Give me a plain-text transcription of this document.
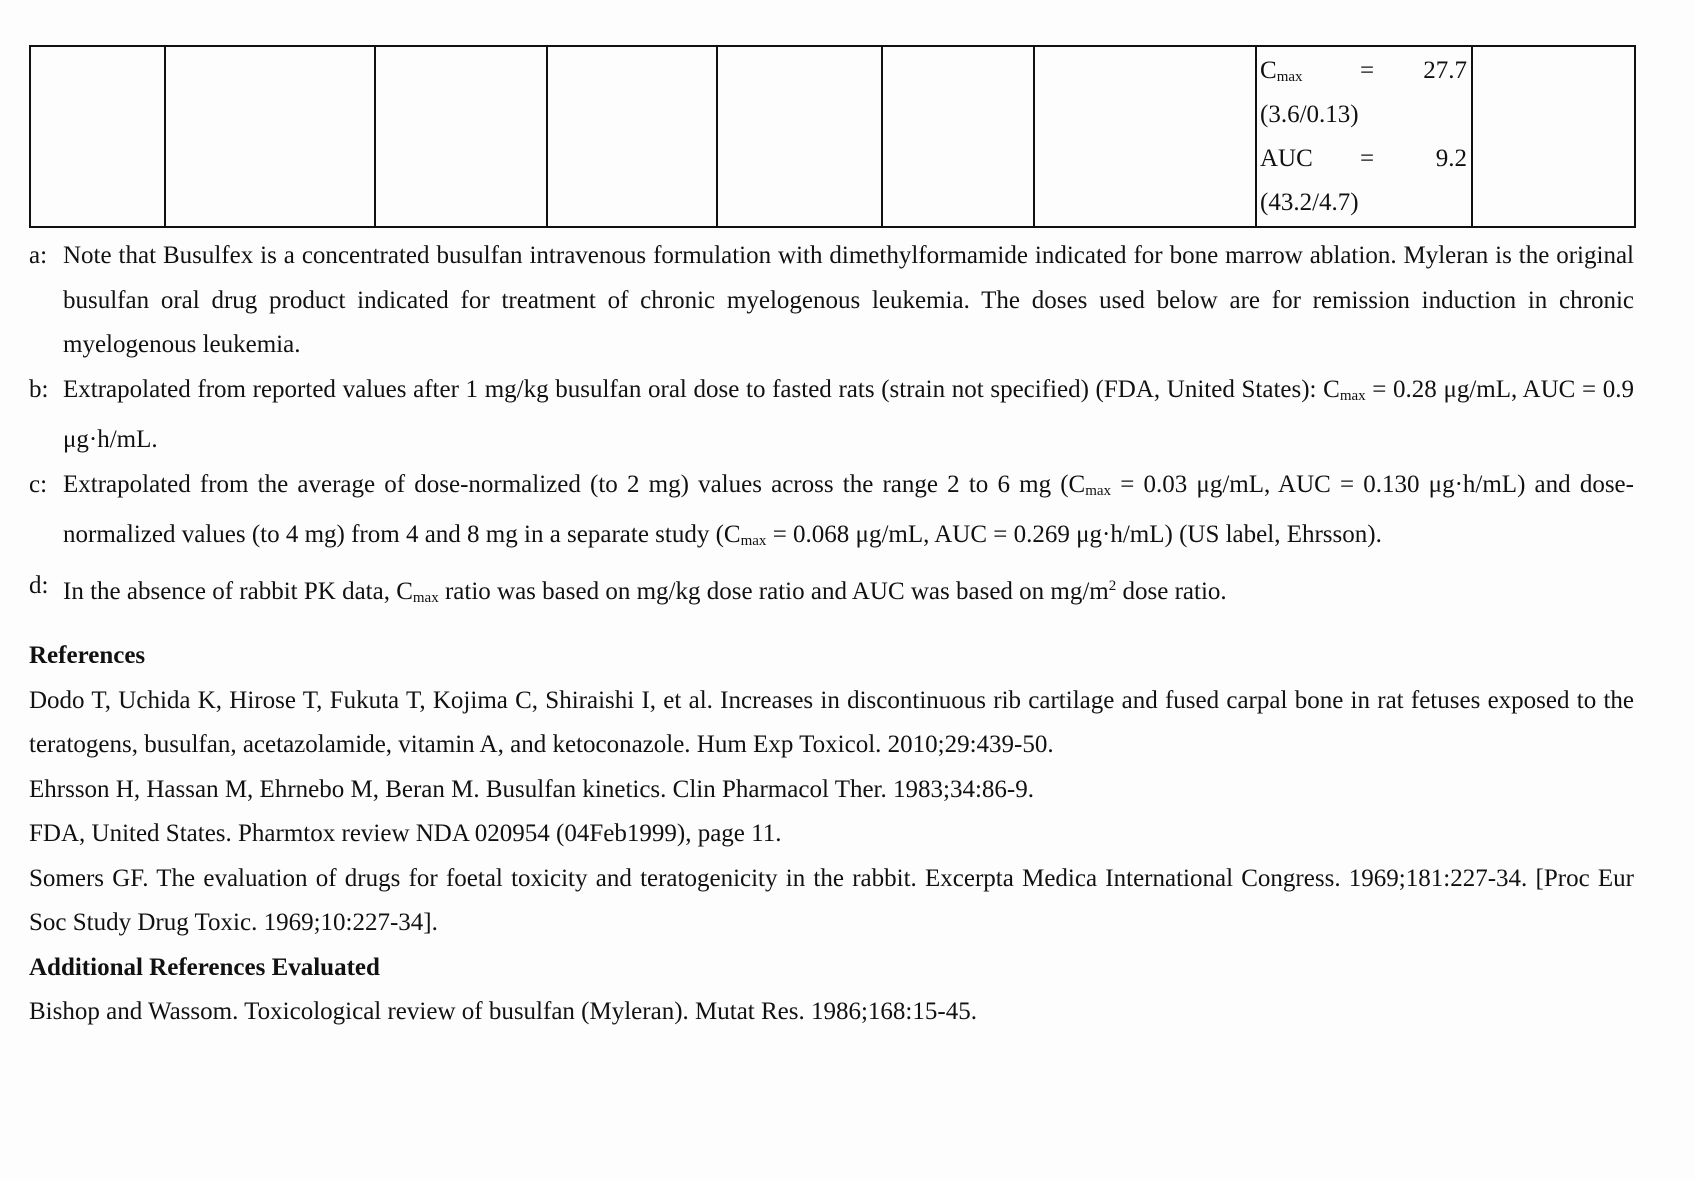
$C_{max} = 27.7$
(3.6/0.13)
AUC = 9.2
(43.2/4.7)

a: Note that Busulfex is a concentrated busulfan intravenous formulation with dimethylformamide indicated for bone marrow ablation. Myleran is the original busulfan oral drug product indicated for treatment of chronic myelogenous leukemia. The doses used below are for remission induction in chronic myelogenous leukemia.
b: Extrapolated from reported values after 1 mg/kg busulfan oral dose to fasted rats (strain not specified) (FDA, United States): $C_{max} = 0.28$ μg/mL, AUC = 0.9 μg·h/mL.
c: Extrapolated from the average of dose-normalized (to 2 mg) values across the range 2 to 6 mg ($C_{max} = 0.03$ μg/mL, AUC = 0.130 μg·h/mL) and dose-normalized values (to 4 mg) from 4 and 8 mg in a separate study ($C_{max} = 0.068$ μg/mL, AUC = 0.269 μg·h/mL) (US label, Ehrsson).
d: In the absence of rabbit PK data, $C_{max}$ ratio was based on mg/kg dose ratio and AUC was based on $mg/m^2$ dose ratio.
References
Dodo T, Uchida K, Hirose T, Fukuta T, Kojima C, Shiraishi I, et al. Increases in discontinuous rib cartilage and fused carpal bone in rat fetuses exposed to the teratogens, busulfan, acetazolamide, vitamin A, and ketoconazole. Hum Exp Toxicol. 2010;29:439-50.
Ehrsson H, Hassan M, Ehrnebo M, Beran M. Busulfan kinetics. Clin Pharmacol Ther. 1983;34:86-9.
FDA, United States. Pharmtox review NDA 020954 (04Feb1999), page 11.
Somers GF. The evaluation of drugs for foetal toxicity and teratogenicity in the rabbit. Excerpta Medica International Congress. 1969;181:227-34. [Proc Eur Soc Study Drug Toxic. 1969;10:227-34].
Additional References Evaluated
Bishop and Wassom. Toxicological review of busulfan (Myleran). Mutat Res. 1986;168:15-45.
